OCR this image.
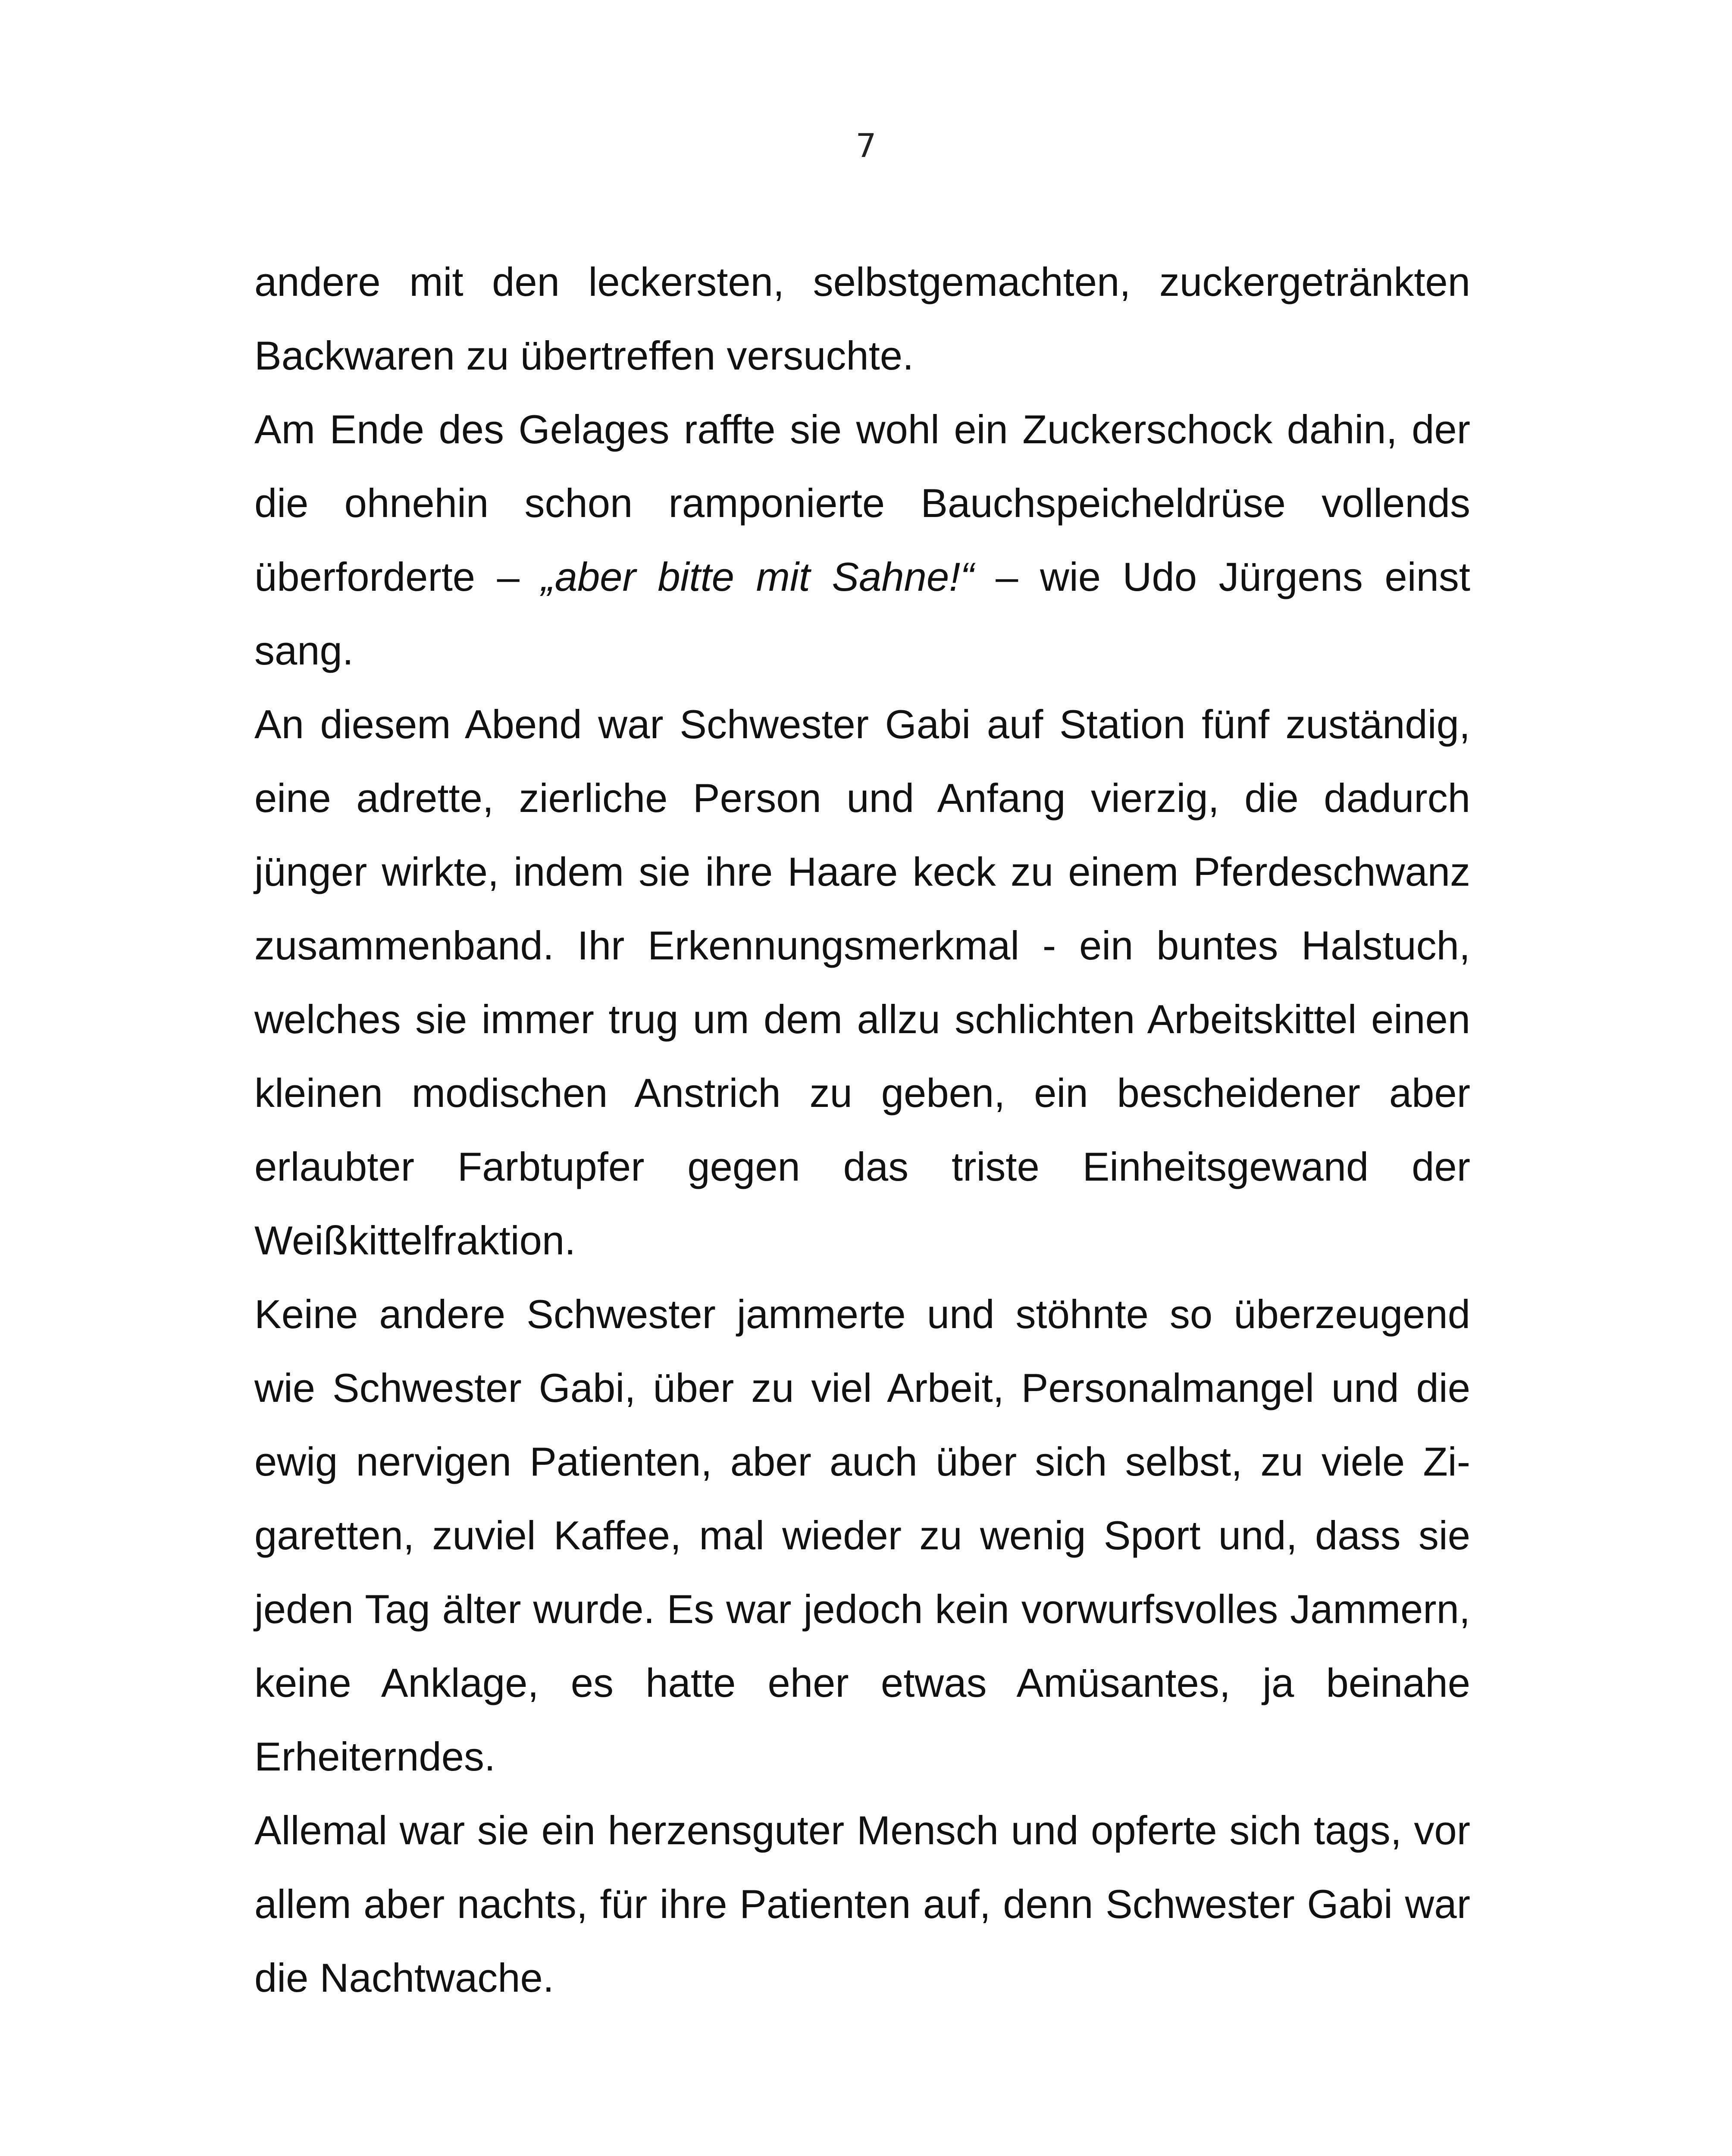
7

andere mit den leckersten, selbstgemachten, zuckergetränkten Backwaren zu übertreffen versuchte.

Am Ende des Gelages raffte sie wohl ein Zuckerschock dahin, der die ohnehin schon ramponierte Bauchspeicheldrüse vollends überforderte – „aber bitte mit Sahne!“ – wie Udo Jürgens einst sang.

An diesem Abend war Schwester Gabi auf Station fünf zuständig, eine adrette, zierliche Person und Anfang vierzig, die dadurch jünger wirkte, indem sie ihre Haare keck zu einem Pferdeschwanz zusammenband. Ihr Erkennungsmerkmal - ein buntes Halstuch, welches sie immer trug um dem allzu schlichten Arbeitskittel einen kleinen modischen Anstrich zu geben, ein bescheidener aber erlaubter Farbtupfer gegen das triste Einheitsgewand der Weißkittelfraktion.

Keine andere Schwester jammerte und stöhnte so überzeugend wie Schwester Gabi, über zu viel Arbeit, Personalmangel und die ewig nervigen Patienten, aber auch über sich selbst, zu viele Zigaretten, zuviel Kaffee, mal wieder zu wenig Sport und, dass sie jeden Tag älter wurde. Es war jedoch kein vorwurfsvolles Jammern, keine Anklage, es hatte eher etwas Amüsantes, ja beinahe Erheiterndes.

Allemal war sie ein herzensguter Mensch und opferte sich tags, vor allem aber nachts, für ihre Patienten auf, denn Schwester Gabi war die Nachtwache.
